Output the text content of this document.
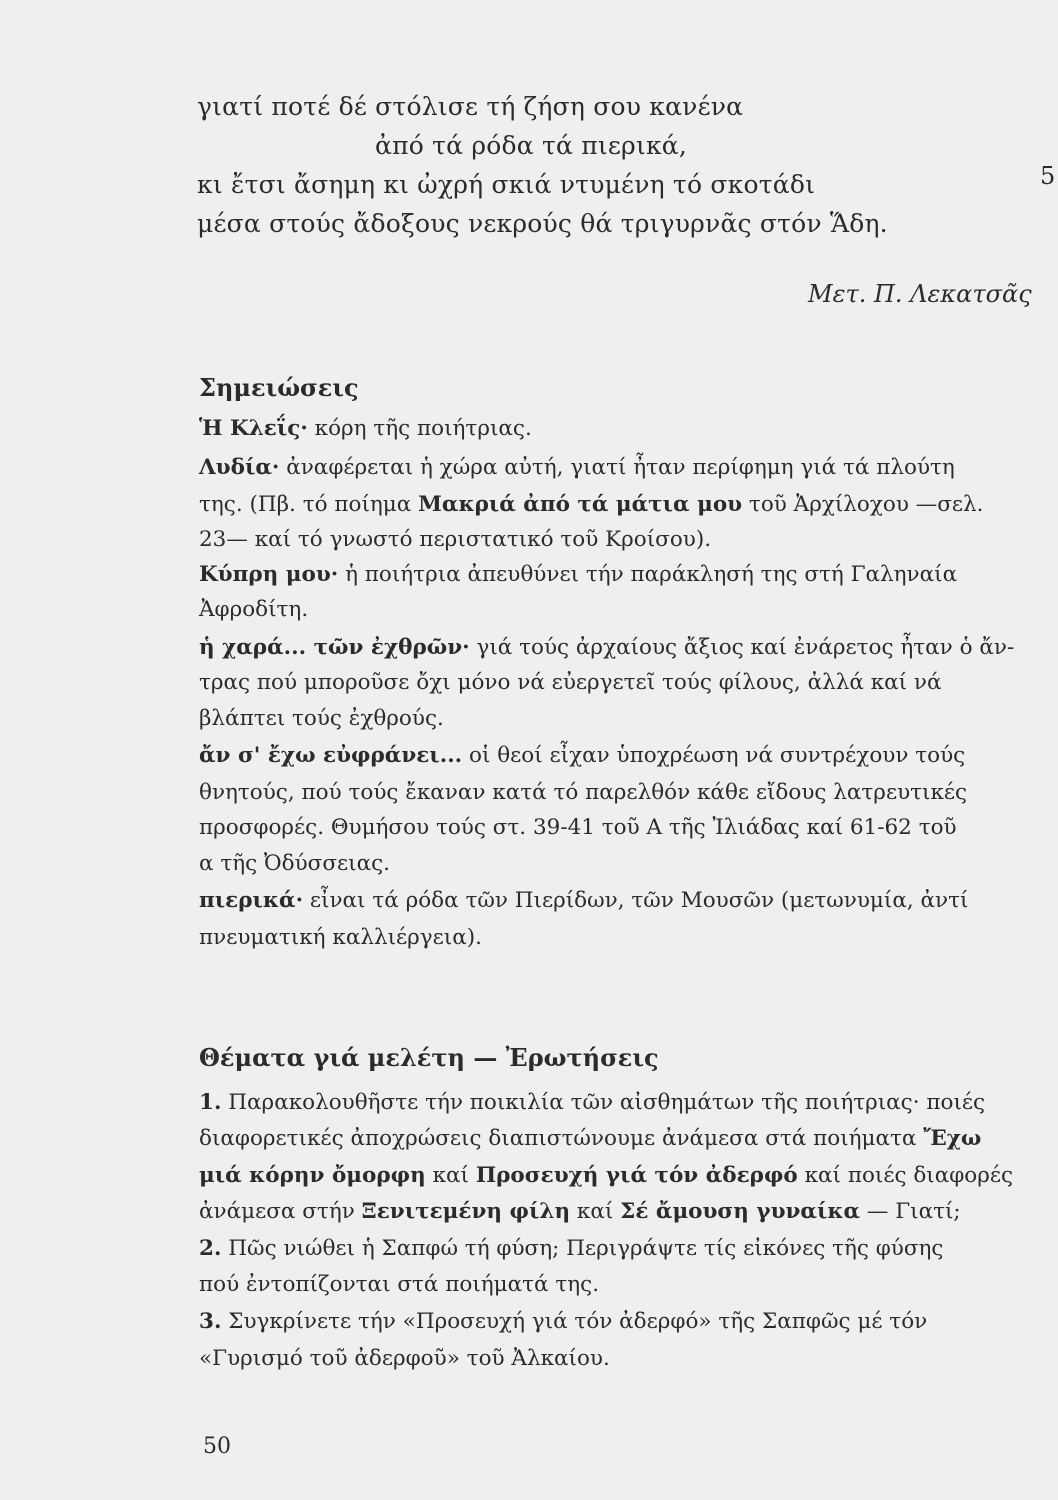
γιατί ποτέ δέ στόλισε τή ζήση σου κανένα
ἀπό τά ρόδα τά πιερικά,
κι ἔτσι ἄσημη κι ὠχρή σκιά ντυμένη τό σκοτάδι	5
μέσα στούς ἄδοξους νεκρούς θά τριγυρνᾶς στόν Ἅδη.
Μετ. Π. Λεκατσᾶς
Σημειώσεις
Ἡ Κλεΐς· κόρη τῆς ποιήτριας.
Λυδία· ἀναφέρεται ἡ χώρα αὐτή, γιατί ἦταν περίφημη γιά τά πλούτη
της. (Πβ. τό ποίημα Μακριά ἀπό τά μάτια μου τοῦ Ἀρχίλοχου —σελ.
23— καί τό γνωστό περιστατικό τοῦ Κροίσου).
Κύπρη μου· ἡ ποιήτρια ἀπευθύνει τήν παράκλησή της στή Γαληναία
Ἀφροδίτη.
ἡ χαρά... τῶν ἐχθρῶν· γιά τούς ἀρχαίους ἄξιος καί ἐνάρετος ἦταν ὁ ἄν-
τρας πού μποροῦσε ὄχι μόνο νά εὐεργετεῖ τούς φίλους, ἀλλά καί νά
βλάπτει τούς ἐχθρούς.
ἄν σ' ἔχω εὐφράνει... οἱ θεοί εἶχαν ὑποχρέωση νά συντρέχουν τούς
θνητούς, πού τούς ἔκαναν κατά τό παρελθόν κάθε εἴδους λατρευτικές
προσφορές. Θυμήσου τούς στ. 39-41 τοῦ Α τῆς Ἰλιάδας καί 61-62 τοῦ
α τῆς Ὀδύσσειας.
πιερικά· εἶναι τά ρόδα τῶν Πιερίδων, τῶν Μουσῶν (μετωνυμία, ἀντί
πνευματική καλλιέργεια).
Θέματα γιά μελέτη — Ἐρωτήσεις
1. Παρακολουθῆστε τήν ποικιλία τῶν αἰσθημάτων τῆς ποιήτριας· ποιές
διαφορετικές ἀποχρώσεις διαπιστώνουμε ἀνάμεσα στά ποιήματα Ἔχω
μιά κόρην ὄμορφη καί Προσευχή γιά τόν ἀδερφό καί ποιές διαφορές
ἀνάμεσα στήν Ξενιτεμένη φίλη καί Σέ ἄμουση γυναίκα — Γιατί;
2. Πῶς νιώθει ἡ Σαπφώ τή φύση; Περιγράψτε τίς εἰκόνες τῆς φύσης
πού ἐντοπίζονται στά ποιήματά της.
3. Συγκρίνετε τήν «Προσευχή γιά τόν ἀδερφό» τῆς Σαπφῶς μέ τόν
«Γυρισμό τοῦ ἀδερφοῦ» τοῦ Ἀλκαίου.
50
